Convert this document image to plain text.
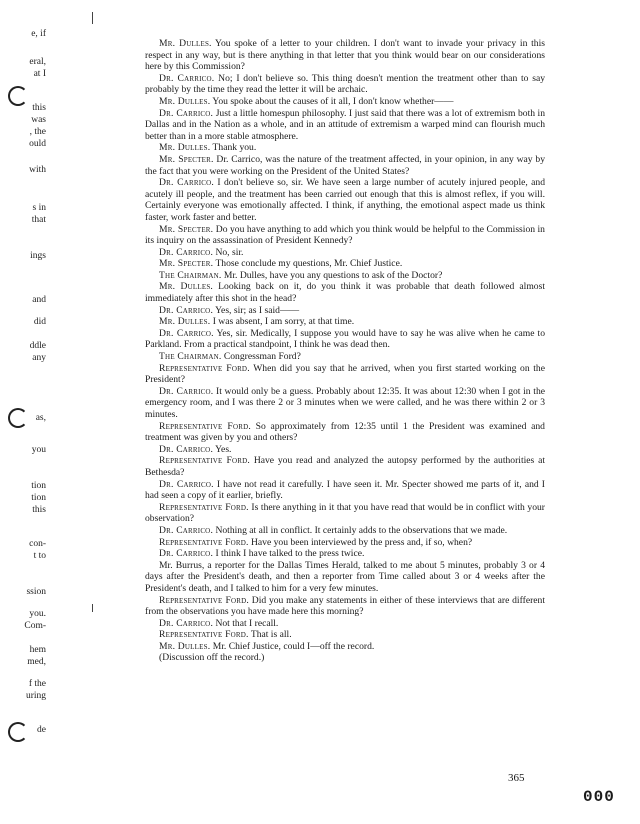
e, if
eral,
at I
this
was
, the
ould
with
s in
that
ings
and
did
ddle
any
as,
you
tion
tion
this
con-
t to
ssion
you.
Com-
hem
med,
f the
uring
de

Mr. Dulles. You spoke of a letter to your children. I don't want to invade your privacy in this respect in any way, but is there anything in that letter that you think would bear on our considerations here by this Commission?

Dr. Carrico. No; I don't believe so. This thing doesn't mention the treatment other than to say probably by the time they read the letter it will be archaic.

Mr. Dulles. You spoke about the causes of it all, I don't know whether——

Dr. Carrico. Just a little homespun philosophy. I just said that there was a lot of extremism both in Dallas and in the Nation as a whole, and in an attitude of extremism a warped mind can flourish much better than in a more stable atmosphere.

Mr. Dulles. Thank you.

Mr. Specter. Dr. Carrico, was the nature of the treatment affected, in your opinion, in any way by the fact that you were working on the President of the United States?

Dr. Carrico. I don't believe so, sir. We have seen a large number of acutely injured people, and acutely ill people, and the treatment has been carried out enough that this is almost reflex, if you will. Certainly everyone was emotionally affected. I think, if anything, the emotional aspect made us think faster, work faster and better.

Mr. Specter. Do you have anything to add which you think would be helpful to the Commission in its inquiry on the assassination of President Kennedy?

Dr. Carrico. No, sir.

Mr. Specter. Those conclude my questions, Mr. Chief Justice.

The Chairman. Mr. Dulles, have you any questions to ask of the Doctor?

Mr. Dulles. Looking back on it, do you think it was probable that death followed almost immediately after this shot in the head?

Dr. Carrico. Yes, sir; as I said——

Mr. Dulles. I was absent, I am sorry, at that time.

Dr. Carrico. Yes, sir. Medically, I suppose you would have to say he was alive when he came to Parkland. From a practical standpoint, I think he was dead then.

The Chairman. Congressman Ford?

Representative Ford. When did you say that he arrived, when you first started working on the President?

Dr. Carrico. It would only be a guess. Probably about 12:35. It was about 12:30 when I got in the emergency room, and I was there 2 or 3 minutes when we were called, and he was there within 2 or 3 minutes.

Representative Ford. So approximately from 12:35 until 1 the President was examined and treatment was given by you and others?

Dr. Carrico. Yes.

Representative Ford. Have you read and analyzed the autopsy performed by the authorities at Bethesda?

Dr. Carrico. I have not read it carefully. I have seen it. Mr. Specter showed me parts of it, and I had seen a copy of it earlier, briefly.

Representative Ford. Is there anything in it that you have read that would be in conflict with your observation?

Dr. Carrico. Nothing at all in conflict. It certainly adds to the observations that we made.

Representative Ford. Have you been interviewed by the press and, if so, when?

Dr. Carrico. I think I have talked to the press twice.

Mr. Burrus, a reporter for the Dallas Times Herald, talked to me about 5 minutes, probably 3 or 4 days after the President's death, and then a reporter from Time called about 3 or 4 weeks after the President's death, and I talked to him for a very few minutes.

Representative Ford. Did you make any statements in either of these interviews that are different from the observations you have made here this morning?

Dr. Carrico. Not that I recall.

Representative Ford. That is all.

Mr. Dulles. Mr. Chief Justice, could I—off the record.

(Discussion off the record.)

365
000
